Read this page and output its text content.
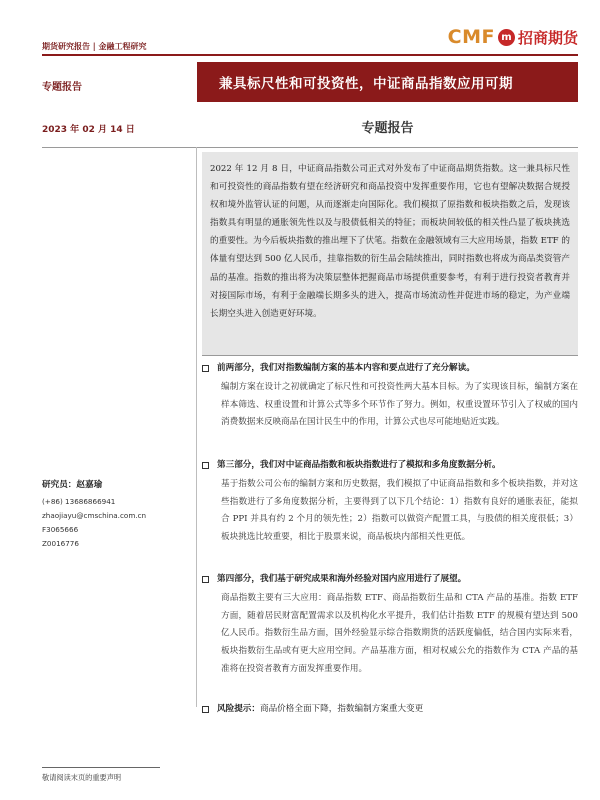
期货研究报告 | 金融工程研究	CMF m 招商期货
专题报告	兼具标尺性和可投资性，中证商品指数应用可期
2023 年 02 月 14 日	专题报告
2022 年 12 月 8 日，中证商品指数公司正式对外发布了中证商品期货指数。这一兼具标尺性和可投资性的商品指数有望在经济研究和商品投资中发挥重要作用，它也有望解决数据合规授权和境外监管认证的问题，从而逐渐走向国际化。我们模拟了原指数和板块指数之后，发现该指数具有明显的通胀领先性以及与股债低相关的特征；而板块间较低的相关性凸显了板块挑选的重要性。为今后板块指数的推出埋下了伏笔。指数在金融领域有三大应用场景，指数 ETF 的体量有望达到 500 亿人民币，挂靠指数的衍生品会陆续推出，同时指数也将成为商品类资管产品的基准。指数的推出将为决策层整体把握商品市场提供重要参考，有利于进行投资者教育并对接国际市场，有利于金融端长期多头的进入，提高市场流动性并促进市场的稳定，为产业端长期空头进入创造更好环境。
前两部分，我们对指数编制方案的基本内容和要点进行了充分解读。
编制方案在设计之初就确定了标尺性和可投资性两大基本目标。为了实现该目标，编制方案在样本筛选、权重设置和计算公式等多个环节作了努力。例如，权重设置环节引入了权威的国内消费数据来反映商品在国计民生中的作用，计算公式也尽可能地贴近实践。
第三部分，我们对中证商品指数和板块指数进行了模拟和多角度数据分析。
基于指数公司公布的编制方案和历史数据，我们模拟了中证商品指数和多个板块指数，并对这些指数进行了多角度数据分析，主要得到了以下几个结论：1）指数有良好的通胀表征，能拟合 PPI 并具有约 2 个月的领先性；2）指数可以做资产配置工具，与股债的相关度很低；3）板块挑选比较重要，相比于股票来说，商品板块内部相关性更低。
第四部分，我们基于研究成果和海外经验对国内应用进行了展望。
商品指数主要有三大应用：商品指数 ETF、商品指数衍生品和 CTA 产品的基准。指数 ETF 方面，随着居民财富配置需求以及机构化水平提升，我们估计指数 ETF 的规模有望达到 500 亿人民币。指数衍生品方面，国外经验显示综合指数期货的活跃度偏低，结合国内实际来看，板块指数衍生品或有更大应用空间。产品基准方面，相对权威公允的指数作为 CTA 产品的基准将在投资者教育方面发挥重要作用。
风险提示：商品价格全面下降，指数编制方案重大变更
研究员：赵嘉瑜
(+86) 13686866941
zhaojiayu@cmschina.com.cn
F3065666
Z0016776
敬请阅读末页的重要声明
